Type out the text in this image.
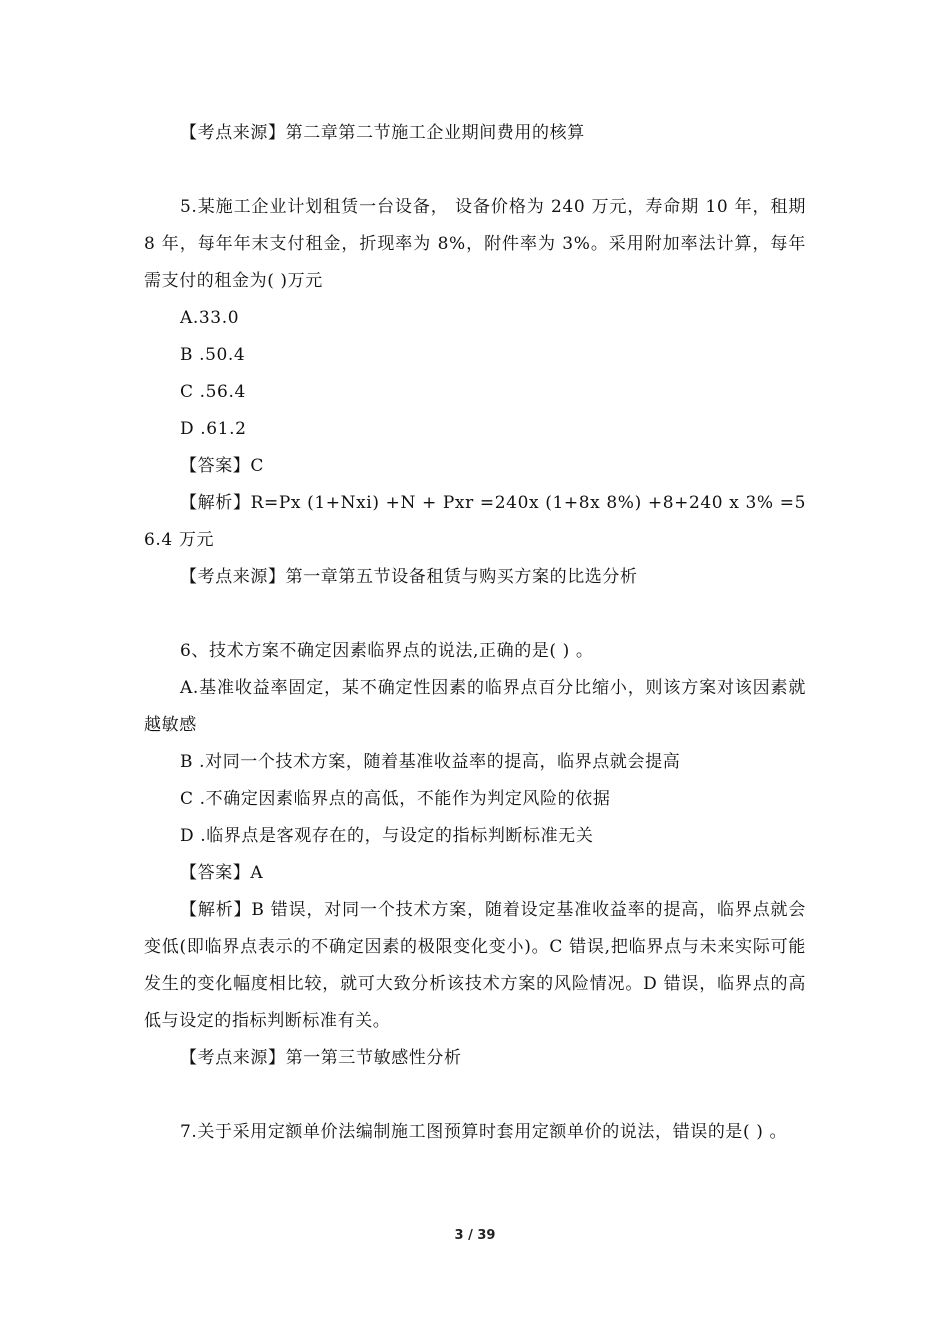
【考点来源】第二章第二节施工企业期间费用的核算

5.某施工企业计划租赁一台设备， 设备价格为 240 万元，寿命期 10 年，租期 8 年，每年年末支付租金，折现率为 8%，附件率为 3%。采用附加率法计算，每年需支付的租金为( )万元

A.33.0

B .50.4

C .56.4

D .61.2

【答案】C

【解析】R=Px (1+Nxi) +N + Pxr =240x (1+8x 8%) +8+240 x 3% =56.4 万元

【考点来源】第一章第五节设备租赁与购买方案的比选分析

6、技术方案不确定因素临界点的说法,正确的是( ) 。

A.基准收益率固定，某不确定性因素的临界点百分比缩小，则该方案对该因素就越敏感

B .对同一个技术方案，随着基准收益率的提高，临界点就会提高

C .不确定因素临界点的高低，不能作为判定风险的依据

D .临界点是客观存在的，与设定的指标判断标准无关

【答案】A

【解析】B 错误，对同一个技术方案，随着设定基准收益率的提高，临界点就会变低(即临界点表示的不确定因素的极限变化变小)。C 错误,把临界点与未来实际可能发生的变化幅度相比较，就可大致分析该技术方案的风险情况。D 错误，临界点的高低与设定的指标判断标准有关。

【考点来源】第一第三节敏感性分析

7.关于采用定额单价法编制施工图预算时套用定额单价的说法，错误的是( ) 。

3 / 39
